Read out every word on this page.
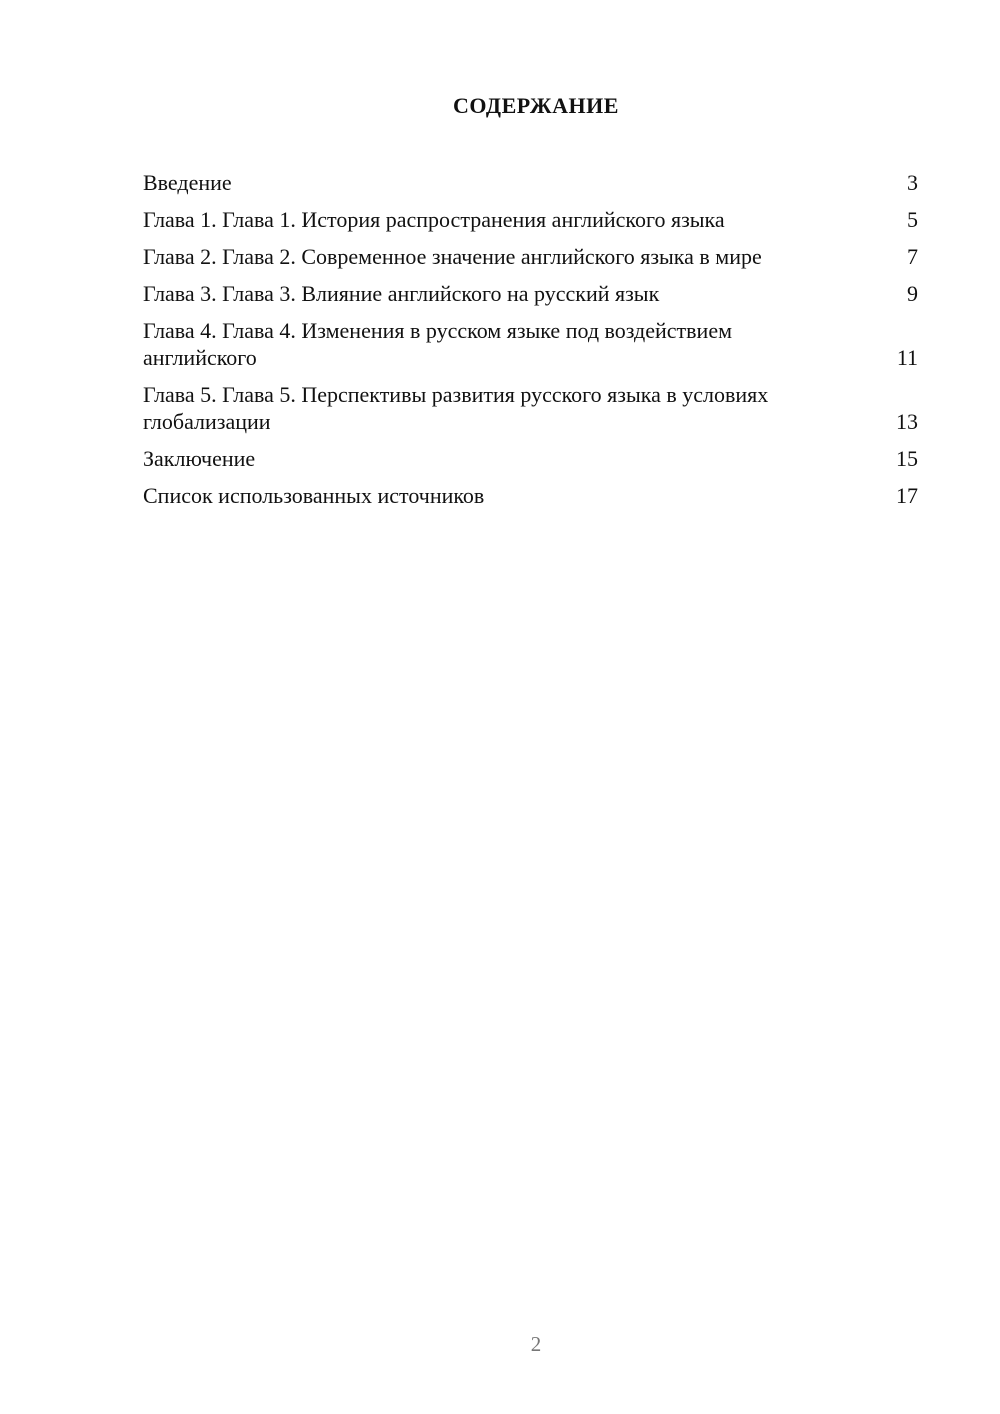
СОДЕРЖАНИЕ
Введение	3
Глава 1. Глава 1. История распространения английского языка	5
Глава 2. Глава 2. Современное значение английского языка в мире	7
Глава 3. Глава 3. Влияние английского на русский язык	9
Глава 4. Глава 4. Изменения в русском языке под воздействием английского	11
Глава 5. Глава 5. Перспективы развития русского языка в условиях глобализации	13
Заключение	15
Список использованных источников	17
2
